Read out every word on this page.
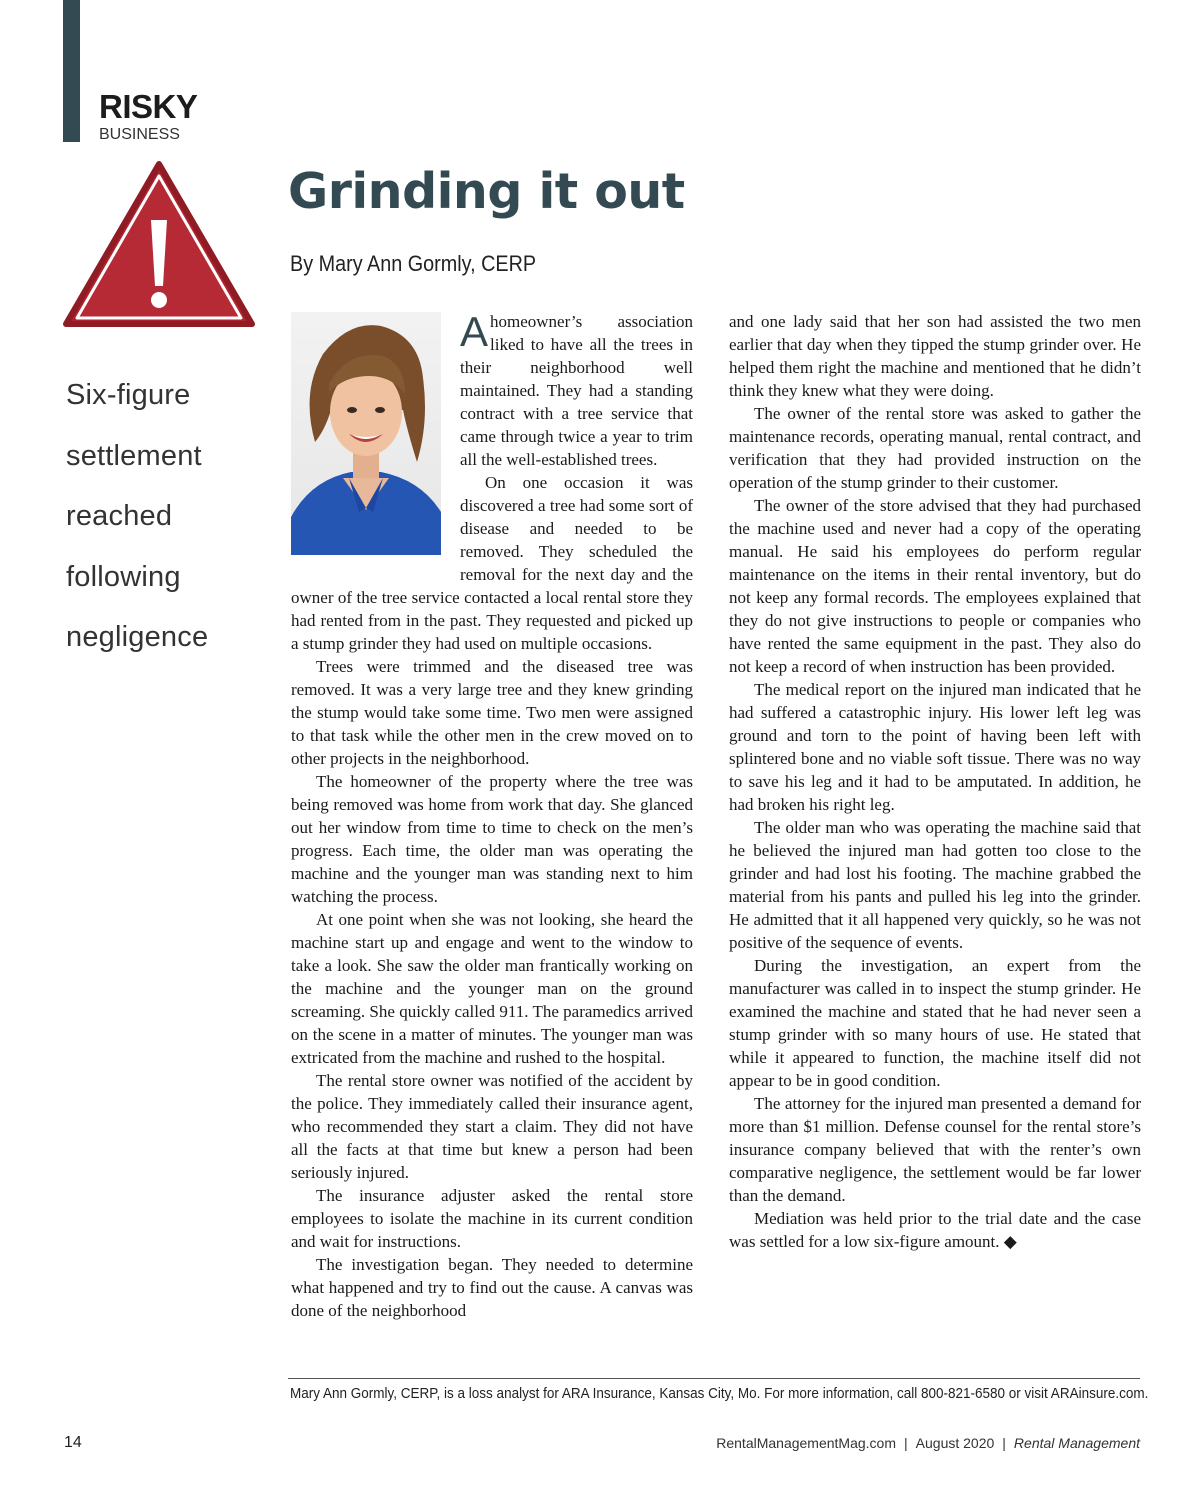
RISKY
BUSINESS
Six-figure
settlement
reached
following
negligence
Grinding it out
By Mary Ann Gormly, CERP

Ahomeowner’s association liked to have all the trees in their neighborhood well maintained. They had a standing contract with a tree service that came through twice a year to trim all the well-established trees.

On one occasion it was discovered a tree had some sort of disease and needed to be removed. They scheduled the removal for the next day and the owner of the tree service contacted a local rental store they had rented from in the past. They requested and picked up a stump grinder they had used on multiple occasions.

Trees were trimmed and the diseased tree was removed. It was a very large tree and they knew grinding the stump would take some time. Two men were assigned to that task while the other men in the crew moved on to other projects in the neighborhood.

The homeowner of the property where the tree was being removed was home from work that day. She glanced out her window from time to time to check on the men’s progress. Each time, the older man was operating the machine and the younger man was standing next to him watching the process.

At one point when she was not looking, she heard the machine start up and engage and went to the window to take a look. She saw the older man frantically working on the machine and the younger man on the ground screaming. She quickly called 911. The paramedics arrived on the scene in a matter of minutes. The younger man was extricated from the machine and rushed to the hospital.

The rental store owner was notified of the accident by the police. They immediately called their insurance agent, who recommended they start a claim. They did not have all the facts at that time but knew a person had been seriously injured.

The insurance adjuster asked the rental store employees to isolate the machine in its current condition and wait for instructions.

The investigation began. They needed to determine what happened and try to find out the cause. A canvas was done of the neighborhood

and one lady said that her son had assisted the two men earlier that day when they tipped the stump grinder over. He helped them right the machine and mentioned that he didn’t think they knew what they were doing.

The owner of the rental store was asked to gather the maintenance records, operating manual, rental contract, and verification that they had provided instruction on the operation of the stump grinder to their customer.

The owner of the store advised that they had purchased the machine used and never had a copy of the operating manual. He said his employees do perform regular maintenance on the items in their rental inventory, but do not keep any formal records. The employees explained that they do not give instructions to people or companies who have rented the same equipment in the past. They also do not keep a record of when instruction has been provided.

The medical report on the injured man indicated that he had suffered a catastrophic injury. His lower left leg was ground and torn to the point of having been left with splintered bone and no viable soft tissue. There was no way to save his leg and it had to be amputated. In addition, he had broken his right leg.

The older man who was operating the machine said that he believed the injured man had gotten too close to the grinder and had lost his footing. The machine grabbed the material from his pants and pulled his leg into the grinder. He admitted that it all happened very quickly, so he was not positive of the sequence of events.

During the investigation, an expert from the manufacturer was called in to inspect the stump grinder. He examined the machine and stated that he had never seen a stump grinder with so many hours of use. He stated that while it appeared to function, the machine itself did not appear to be in good condition.

The attorney for the injured man presented a demand for more than $1 million. Defense counsel for the rental store’s insurance company believed that with the renter’s own comparative negligence, the settlement would be far lower than the demand.

Mediation was held prior to the trial date and the case was settled for a low six-figure amount. ◆

Mary Ann Gormly, CERP, is a loss analyst for ARA Insurance, Kansas City, Mo. For more information, call 800-821-6580 or visit ARAinsure.com.
14	RentalManagementMag.com | August 2020 | Rental Management
